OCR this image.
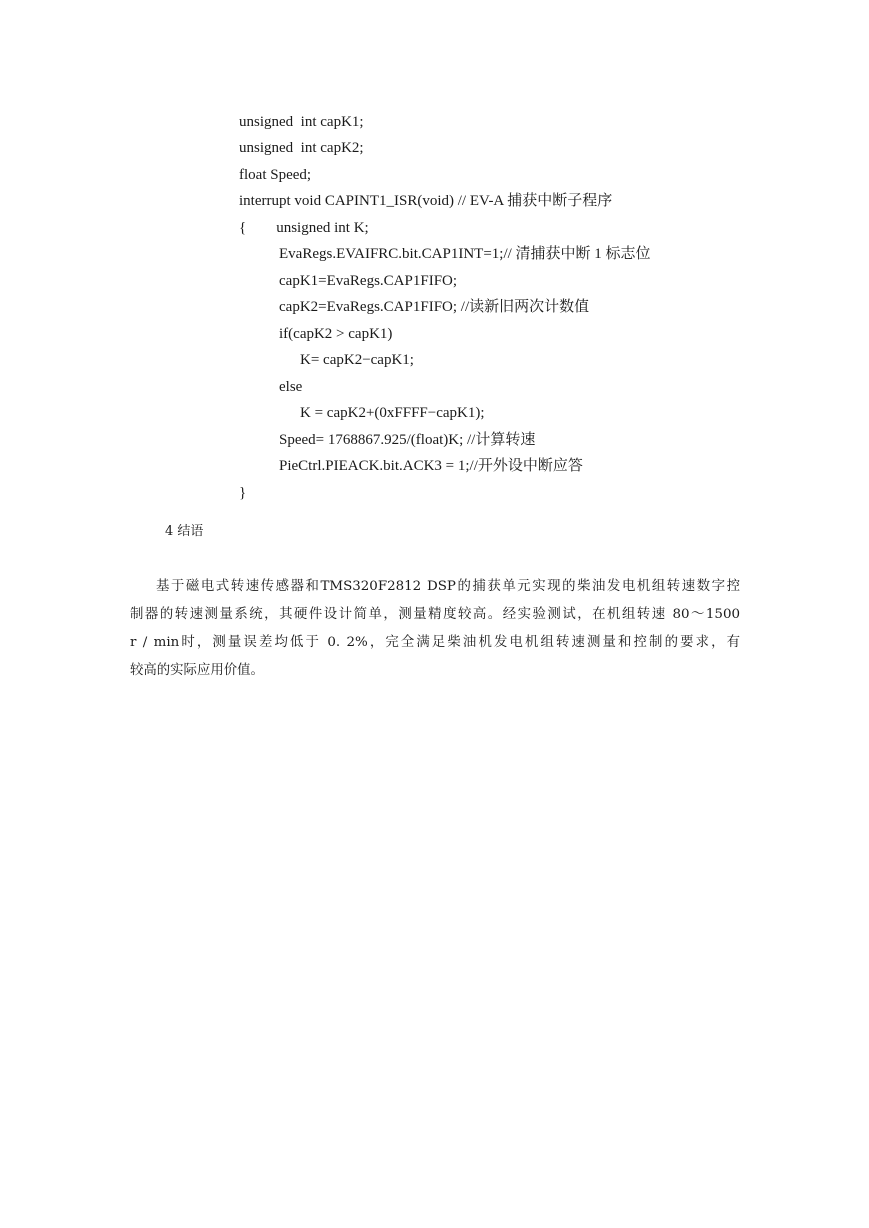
unsigned  int capK1;
unsigned  int capK2;
float Speed;
interrupt void CAPINT1_ISR(void) // EV-A 捕获中断子程序
{        unsigned int K;
EvaRegs.EVAIFRC.bit.CAP1INT=1;// 清捕获中断 1 标志位
capK1=EvaRegs.CAP1FIFO;
capK2=EvaRegs.CAP1FIFO; //读新旧两次计数值
if(capK2 > capK1)
K= capK2−capK1;
else
K = capK2+(0xFFFF−capK1);
Speed= 1768867.925/(float)K; //计算转速
PieCtrl.PIEACK.bit.ACK3 = 1;//开外设中断应答
}
4 结语
基于磁电式转速传感器和TMS320F2812 DSP的捕获单元实现的柴油发电机组转速数字控
制器的转速测量系统，其硬件设计简单，测量精度较高。经实验测试，在机组转速 80～1500
r / min时，测量误差均低于 0. 2%，完全满足柴油机发电机组转速测量和控制的要求，有
较高的实际应用价值。
